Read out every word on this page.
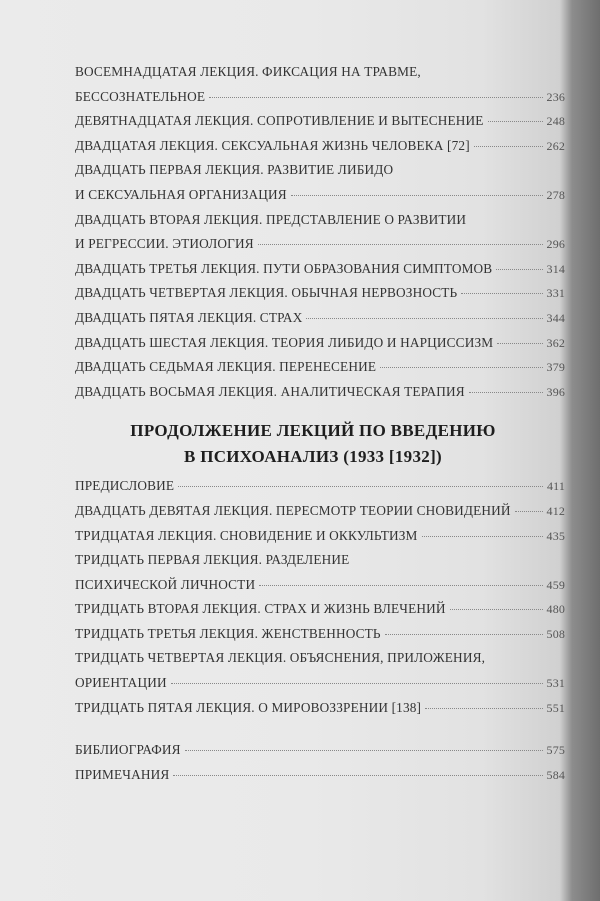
ВОСЕМНАДЦАТАЯ ЛЕКЦИЯ. ФИКСАЦИЯ НА ТРАВМЕ,
БЕССОЗНАТЕЛЬНОЕ	236
ДЕВЯТНАДЦАТАЯ ЛЕКЦИЯ. СОПРОТИВЛЕНИЕ И ВЫТЕСНЕНИЕ	248
ДВАДЦАТАЯ ЛЕКЦИЯ. СЕКСУАЛЬНАЯ ЖИЗНЬ ЧЕЛОВЕКА [72]	262
ДВАДЦАТЬ ПЕРВАЯ ЛЕКЦИЯ. РАЗВИТИЕ ЛИБИДО
И СЕКСУАЛЬНАЯ ОРГАНИЗАЦИЯ	278
ДВАДЦАТЬ ВТОРАЯ ЛЕКЦИЯ. ПРЕДСТАВЛЕНИЕ О РАЗВИТИИ
И РЕГРЕССИИ. ЭТИОЛОГИЯ	296
ДВАДЦАТЬ ТРЕТЬЯ ЛЕКЦИЯ. ПУТИ ОБРАЗОВАНИЯ СИМПТОМОВ	314
ДВАДЦАТЬ ЧЕТВЕРТАЯ ЛЕКЦИЯ. ОБЫЧНАЯ НЕРВОЗНОСТЬ	331
ДВАДЦАТЬ ПЯТАЯ ЛЕКЦИЯ. СТРАХ	344
ДВАДЦАТЬ ШЕСТАЯ ЛЕКЦИЯ. ТЕОРИЯ ЛИБИДО И НАРЦИССИЗМ	362
ДВАДЦАТЬ СЕДЬМАЯ ЛЕКЦИЯ. ПЕРЕНЕСЕНИЕ	379
ДВАДЦАТЬ ВОСЬМАЯ ЛЕКЦИЯ. АНАЛИТИЧЕСКАЯ ТЕРАПИЯ	396
ПРОДОЛЖЕНИЕ ЛЕКЦИЙ ПО ВВЕДЕНИЮ
В ПСИХОАНАЛИЗ (1933 [1932])
ПРЕДИСЛОВИЕ	411
ДВАДЦАТЬ ДЕВЯТАЯ ЛЕКЦИЯ. ПЕРЕСМОТР ТЕОРИИ СНОВИДЕНИЙ	412
ТРИДЦАТАЯ ЛЕКЦИЯ. СНОВИДЕНИЕ И ОККУЛЬТИЗМ	435
ТРИДЦАТЬ ПЕРВАЯ ЛЕКЦИЯ. РАЗДЕЛЕНИЕ
ПСИХИЧЕСКОЙ ЛИЧНОСТИ	459
ТРИДЦАТЬ ВТОРАЯ ЛЕКЦИЯ. СТРАХ И ЖИЗНЬ ВЛЕЧЕНИЙ	480
ТРИДЦАТЬ ТРЕТЬЯ ЛЕКЦИЯ. ЖЕНСТВЕННОСТЬ	508
ТРИДЦАТЬ ЧЕТВЕРТАЯ ЛЕКЦИЯ. ОБЪЯСНЕНИЯ, ПРИЛОЖЕНИЯ,
ОРИЕНТАЦИИ	531
ТРИДЦАТЬ ПЯТАЯ ЛЕКЦИЯ. О МИРОВОЗЗРЕНИИ [138]	551
БИБЛИОГРАФИЯ	575
ПРИМЕЧАНИЯ	584
